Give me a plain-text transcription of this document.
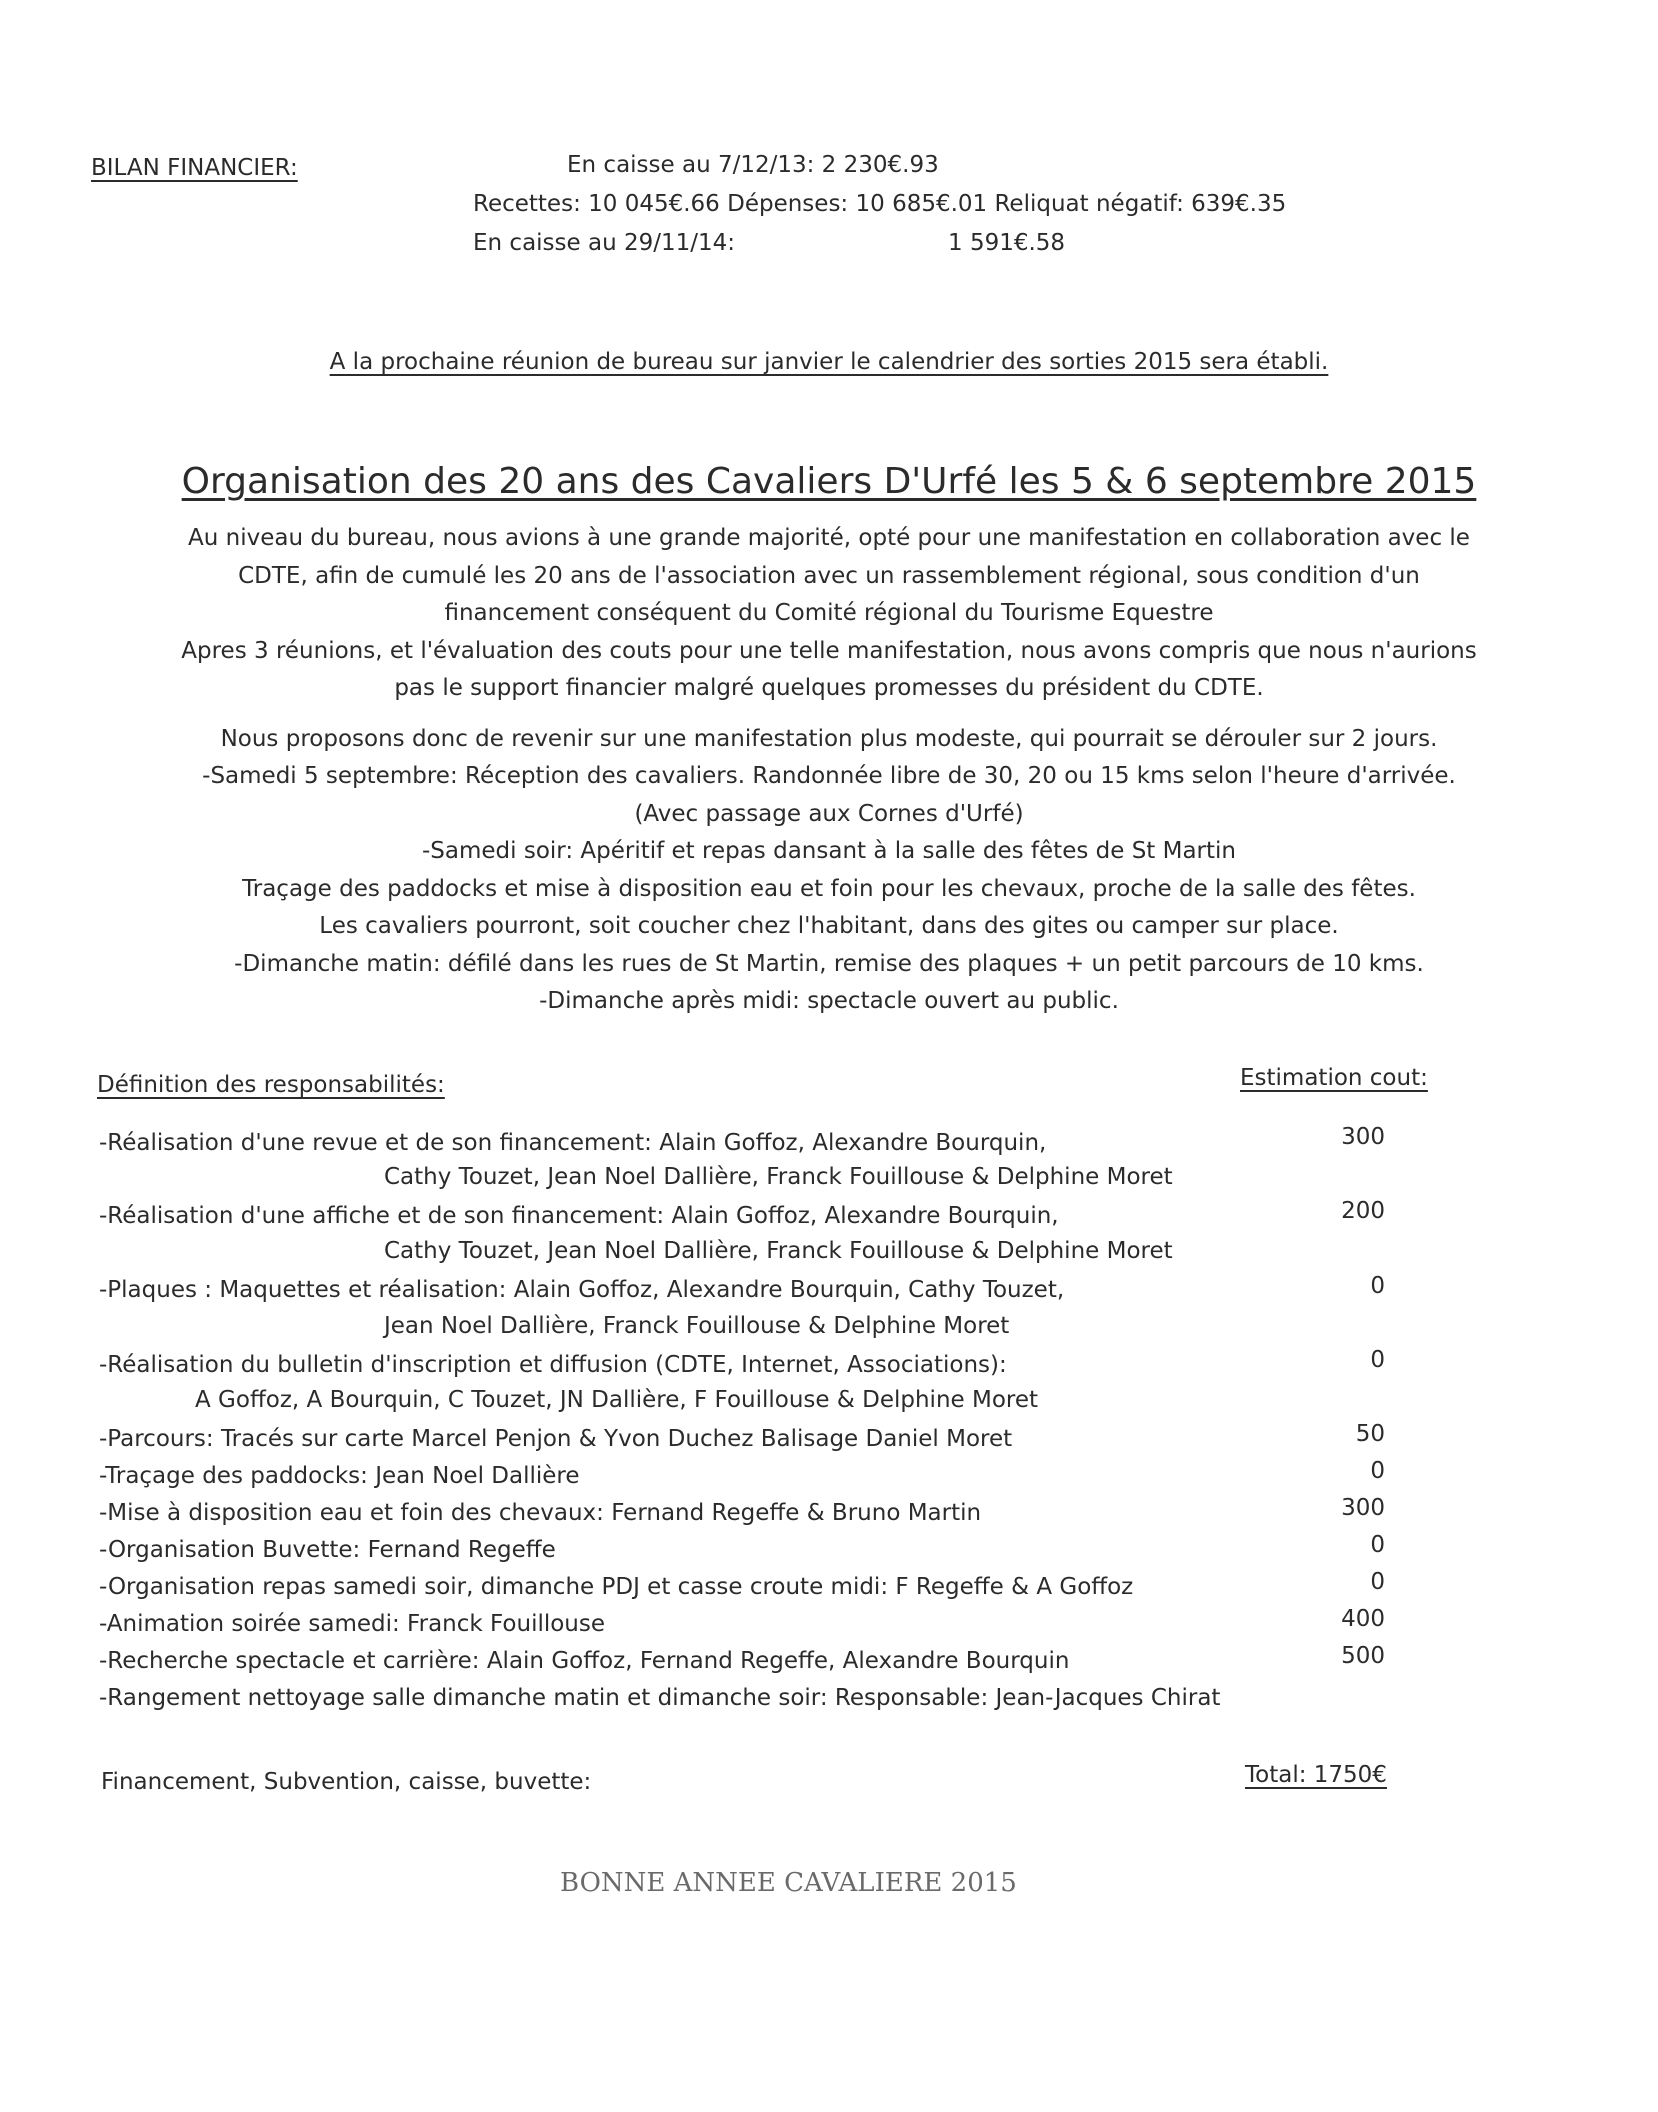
BILAN FINANCIER:	En caisse au 7/12/13: 2 230€.93
Recettes: 10 045€.66 Dépenses: 10 685€.01 Reliquat négatif: 639€.35
En caisse au 29/11/14:	1 591€.58
A la prochaine réunion de bureau sur janvier le calendrier des sorties 2015 sera établi.
Organisation des 20 ans des Cavaliers D'Urfé les 5 & 6 septembre 2015
Au niveau du bureau, nous avions à une grande majorité, opté pour une manifestation en collaboration avec le
CDTE, afin de cumulé les 20 ans de l'association avec un rassemblement régional, sous condition d'un
financement conséquent du Comité régional du Tourisme Equestre
Apres 3 réunions, et l'évaluation des couts pour une telle manifestation, nous avons compris que nous n'aurions
pas le support financier malgré quelques promesses du président du CDTE.
Nous proposons donc de revenir sur une manifestation plus modeste, qui pourrait se dérouler sur 2 jours.
-Samedi 5 septembre: Réception des cavaliers. Randonnée libre de 30, 20 ou 15 kms selon l'heure d'arrivée.
(Avec passage aux Cornes d'Urfé)
-Samedi soir: Apéritif et repas dansant à la salle des fêtes de St Martin
Traçage des paddocks et mise à disposition eau et foin pour les chevaux, proche de la salle des fêtes.
Les cavaliers pourront, soit coucher chez l'habitant, dans des gites ou camper sur place.
-Dimanche matin: défilé dans les rues de St Martin, remise des plaques + un petit parcours de 10 kms.
-Dimanche après midi: spectacle ouvert au public.
Définition des responsabilités:	Estimation cout:
-Réalisation d'une revue et de son financement: Alain Goffoz, Alexandre Bourquin,	300
Cathy Touzet, Jean Noel Dallière, Franck Fouillouse & Delphine Moret
-Réalisation d'une affiche et de son financement: Alain Goffoz, Alexandre Bourquin,	200
Cathy Touzet, Jean Noel Dallière, Franck Fouillouse & Delphine Moret
-Plaques : Maquettes et réalisation: Alain Goffoz, Alexandre Bourquin, Cathy Touzet,	0
Jean Noel Dallière, Franck Fouillouse & Delphine Moret
-Réalisation du bulletin d'inscription et diffusion (CDTE, Internet, Associations):	0
A Goffoz, A Bourquin, C Touzet, JN Dallière, F Fouillouse & Delphine Moret
-Parcours: Tracés sur carte Marcel Penjon & Yvon Duchez Balisage Daniel Moret	50
-Traçage des paddocks: Jean Noel Dallière	0
-Mise à disposition eau et foin des chevaux: Fernand Regeffe & Bruno Martin	300
-Organisation Buvette: Fernand Regeffe	0
-Organisation repas samedi soir, dimanche PDJ et casse croute midi: F Regeffe & A Goffoz	0
-Animation soirée samedi: Franck Fouillouse	400
-Recherche spectacle et carrière: Alain Goffoz, Fernand Regeffe, Alexandre Bourquin	500
-Rangement nettoyage salle dimanche matin et dimanche soir: Responsable: Jean-Jacques Chirat
Financement, Subvention, caisse, buvette:	Total: 1750€
BONNE ANNEE CAVALIERE 2015
